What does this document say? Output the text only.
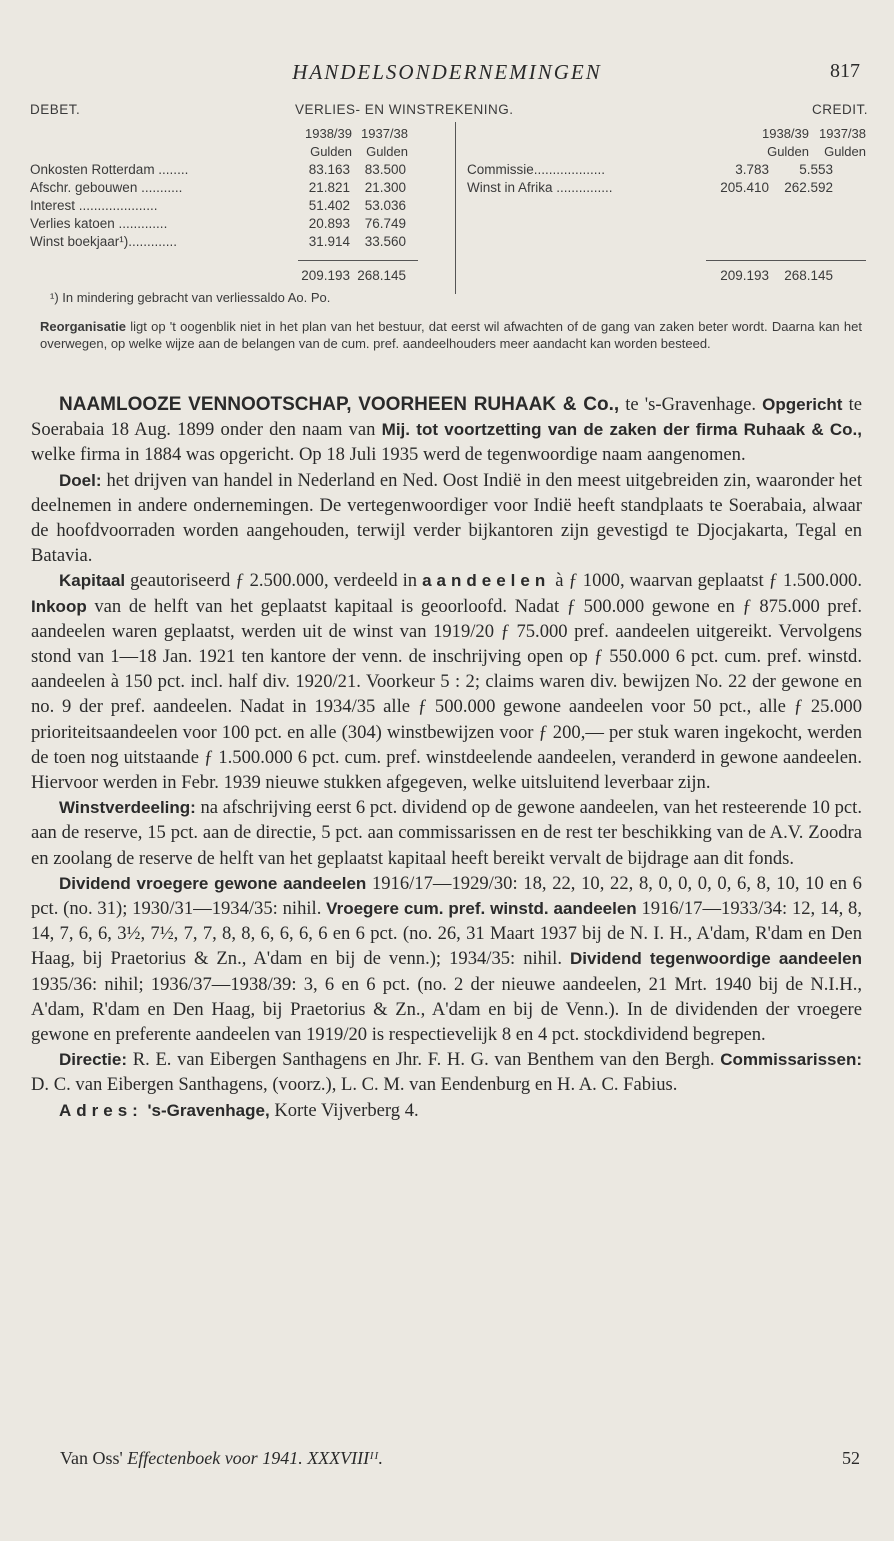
HANDELSONDERNEMINGEN	817
DEBET.	VERLIES- EN WINSTREKENING.	CREDIT.
1938/39 1937/38
Gulden	Gulden
1938/39 1937/38
Gulden	Gulden
Onkosten Rotterdam ........	83.163	83.500
Afschr. gebouwen ...........	21.821	21.300
Interest .....................	51.402	53.036
Verlies katoen .............	20.893	76.749
Winst boekjaar¹).............	31.914	33.560
Commissie...................	3.783	5.553
Winst in Afrika ...............	205.410	262.592
209.193 268.145	209.193	268.145
¹) In mindering gebracht van verliessaldo Ao. Po.
Reorganisatie ligt op 't oogenblik niet in het plan van het bestuur, dat eerst wil afwachten of de gang van zaken beter wordt. Daarna kan het overwegen, op welke wijze aan de belangen van de cum. pref. aandeelhouders meer aandacht kan worden besteed.

NAAMLOOZE VENNOOTSCHAP, VOORHEEN RUHAAK & Co., te 's-Gravenhage. Opgericht te Soerabaia 18 Aug. 1899 onder den naam van Mij. tot voortzetting van de zaken der firma Ruhaak & Co., welke firma in 1884 was opgericht. Op 18 Juli 1935 werd de tegenwoordige naam aangenomen.

Doel: het drijven van handel in Nederland en Ned. Oost Indië in den meest uitgebreiden zin, waaronder het deelnemen in andere ondernemingen. De vertegenwoordiger voor Indië heeft standplaats te Soerabaia, alwaar de hoofdvoorraden worden aangehouden, terwijl verder bijkantoren zijn gevestigd te Djocjakarta, Tegal en Batavia.

Kapitaal geautoriseerd ƒ 2.500.000, verdeeld in aandeelen à ƒ 1000, waarvan geplaatst ƒ 1.500.000. Inkoop van de helft van het geplaatst kapitaal is geoorloofd. Nadat ƒ 500.000 gewone en ƒ 875.000 pref. aandeelen waren geplaatst, werden uit de winst van 1919/20 ƒ 75.000 pref. aandeelen uitgereikt. Vervolgens stond van 1—18 Jan. 1921 ten kantore der venn. de inschrijving open op ƒ 550.000 6 pct. cum. pref. winstd. aandeelen à 150 pct. incl. half div. 1920/21. Voorkeur 5 : 2; claims waren div. bewijzen No. 22 der gewone en no. 9 der pref. aandeelen. Nadat in 1934/35 alle ƒ 500.000 gewone aandeelen voor 50 pct., alle ƒ 25.000 prioriteitsaandeelen voor 100 pct. en alle (304) winstbewijzen voor ƒ 200,— per stuk waren ingekocht, werden de toen nog uitstaande ƒ 1.500.000 6 pct. cum. pref. winstdeelende aandeelen, veranderd in gewone aandeelen. Hiervoor werden in Febr. 1939 nieuwe stukken afgegeven, welke uitsluitend leverbaar zijn.

Winstverdeeling: na afschrijving eerst 6 pct. dividend op de gewone aandeelen, van het resteerende 10 pct. aan de reserve, 15 pct. aan de directie, 5 pct. aan commissarissen en de rest ter beschikking van de A.V. Zoodra en zoolang de reserve de helft van het geplaatst kapitaal heeft bereikt vervalt de bijdrage aan dit fonds.

Dividend vroegere gewone aandeelen 1916/17—1929/30: 18, 22, 10, 22, 8, 0, 0, 0, 0, 6, 8, 10, 10 en 6 pct. (no. 31); 1930/31—1934/35: nihil. Vroegere cum. pref. winstd. aandeelen 1916/17—1933/34: 12, 14, 8, 14, 7, 6, 6, 3½, 7½, 7, 7, 8, 8, 6, 6, 6, 6 en 6 pct. (no. 26, 31 Maart 1937 bij de N. I. H., A'dam, R'dam en Den Haag, bij Praetorius & Zn., A'dam en bij de venn.); 1934/35: nihil. Dividend tegenwoordige aandeelen 1935/36: nihil; 1936/37—1938/39: 3, 6 en 6 pct. (no. 2 der nieuwe aandeelen, 21 Mrt. 1940 bij de N.I.H., A'dam, R'dam en Den Haag, bij Praetorius & Zn., A'dam en bij de Venn.). In de dividenden der vroegere gewone en preferente aandeelen van 1919/20 is respectievelijk 8 en 4 pct. stockdividend begrepen.

Directie: R. E. van Eibergen Santhagens en Jhr. F. H. G. van Benthem van den Bergh. Commissarissen: D. C. van Eibergen Santhagens, (voorz.), L. C. M. van Eendenburg en H. A. C. Fabius.

Adres: 's-Gravenhage, Korte Vijverberg 4.

Van Oss' Effectenboek voor 1941. XXXVIIIᴵᴵ.	52
